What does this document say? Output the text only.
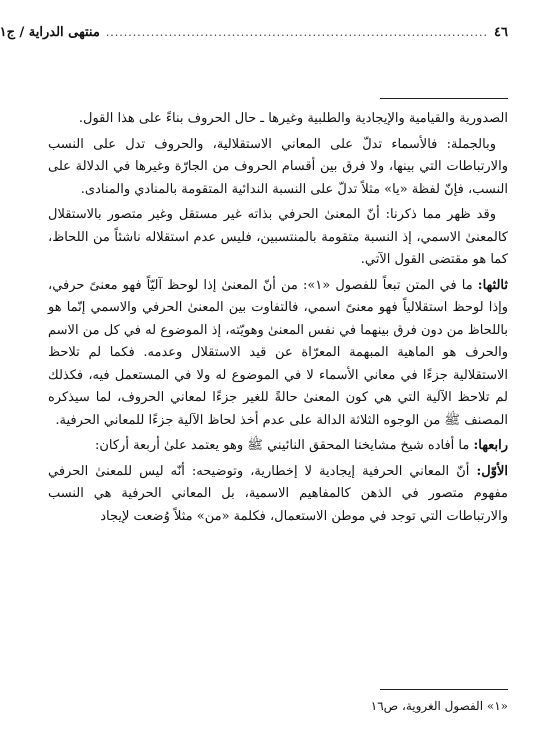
٤٦
.....................................................................................
منتهى الدراية / ج١

الصدورية والقيامية والإيجادية والطلبية وغيرها ـ حال الحروف بناءً على هذا القول.

وبالجملة: فالأسماء تدلّ على المعاني الاستقلالية، والحروف تدل على النسب والارتباطات التي بينها، ولا فرق بين أقسام الحروف من الجارّة وغيرها في الدلالة على النسب، فإنّ لفظة «يا» مثلاً تدلّ على النسبة الندائية المتقومة بالمنادي والمنادى.

وقد ظهر مما ذكرنا: أنّ المعنىٰ الحرفي بذاته غير مستقل وغير متصور بالاستقلال كالمعنىٰ الاسمي، إذ النسبة متقومة بالمنتسبين، فليس عدم استقلاله ناشئاً من اللحاظ، كما هو مقتضى القول الآتي.

ثالثها: ما في المتن تبعاً للفصول «١»: من أنّ المعنىٰ إذا لوحظ آليّاً فهو معنىً حرفي، وإذا لوحظ استقلالياً فهو معنىً اسمي، فالتفاوت بين المعنىٰ الحرفي والاسمي إنّما هو باللحاظ من دون فرق بينهما في نفس المعنىٰ وهويّته، إذ الموضوع له في كل من الاسم والحرف هو الماهية المبهمة المعرّاة عن قيد الاستقلال وعدمه. فكما لم تلاحظ الاستقلالية جزءًا في معاني الأسماء لا في الموضوع له ولا في المستعمل فيه، فكذلك لم تلاحظ الآلية التي هي كون المعنىٰ حالةً للغير جزءًا لمعاني الحروف، لما سيذكره المصنف ﷺ من الوجوه الثلاثة الدالة على عدم أخذ لحاظ الآلية جزءًا للمعاني الحرفية.

رابعها: ما أفاده شيخ مشايخنا المحقق النائيني ﷺ وهو يعتمد علىٰ أربعة أركان:

الأوّل: أنّ المعاني الحرفية إيجادية لا إخطارية، وتوضيحه: أنّه ليس للمعنىٰ الحرفي مفهوم متصور في الذهن كالمفاهيم الاسمية، بل المعاني الحرفية هي النسب والارتباطات التي توجد في موطن الاستعمال، فكلمة «من» مثلاً وُضعت لإيجاد

«١» الفصول الغروية، ص١٦
